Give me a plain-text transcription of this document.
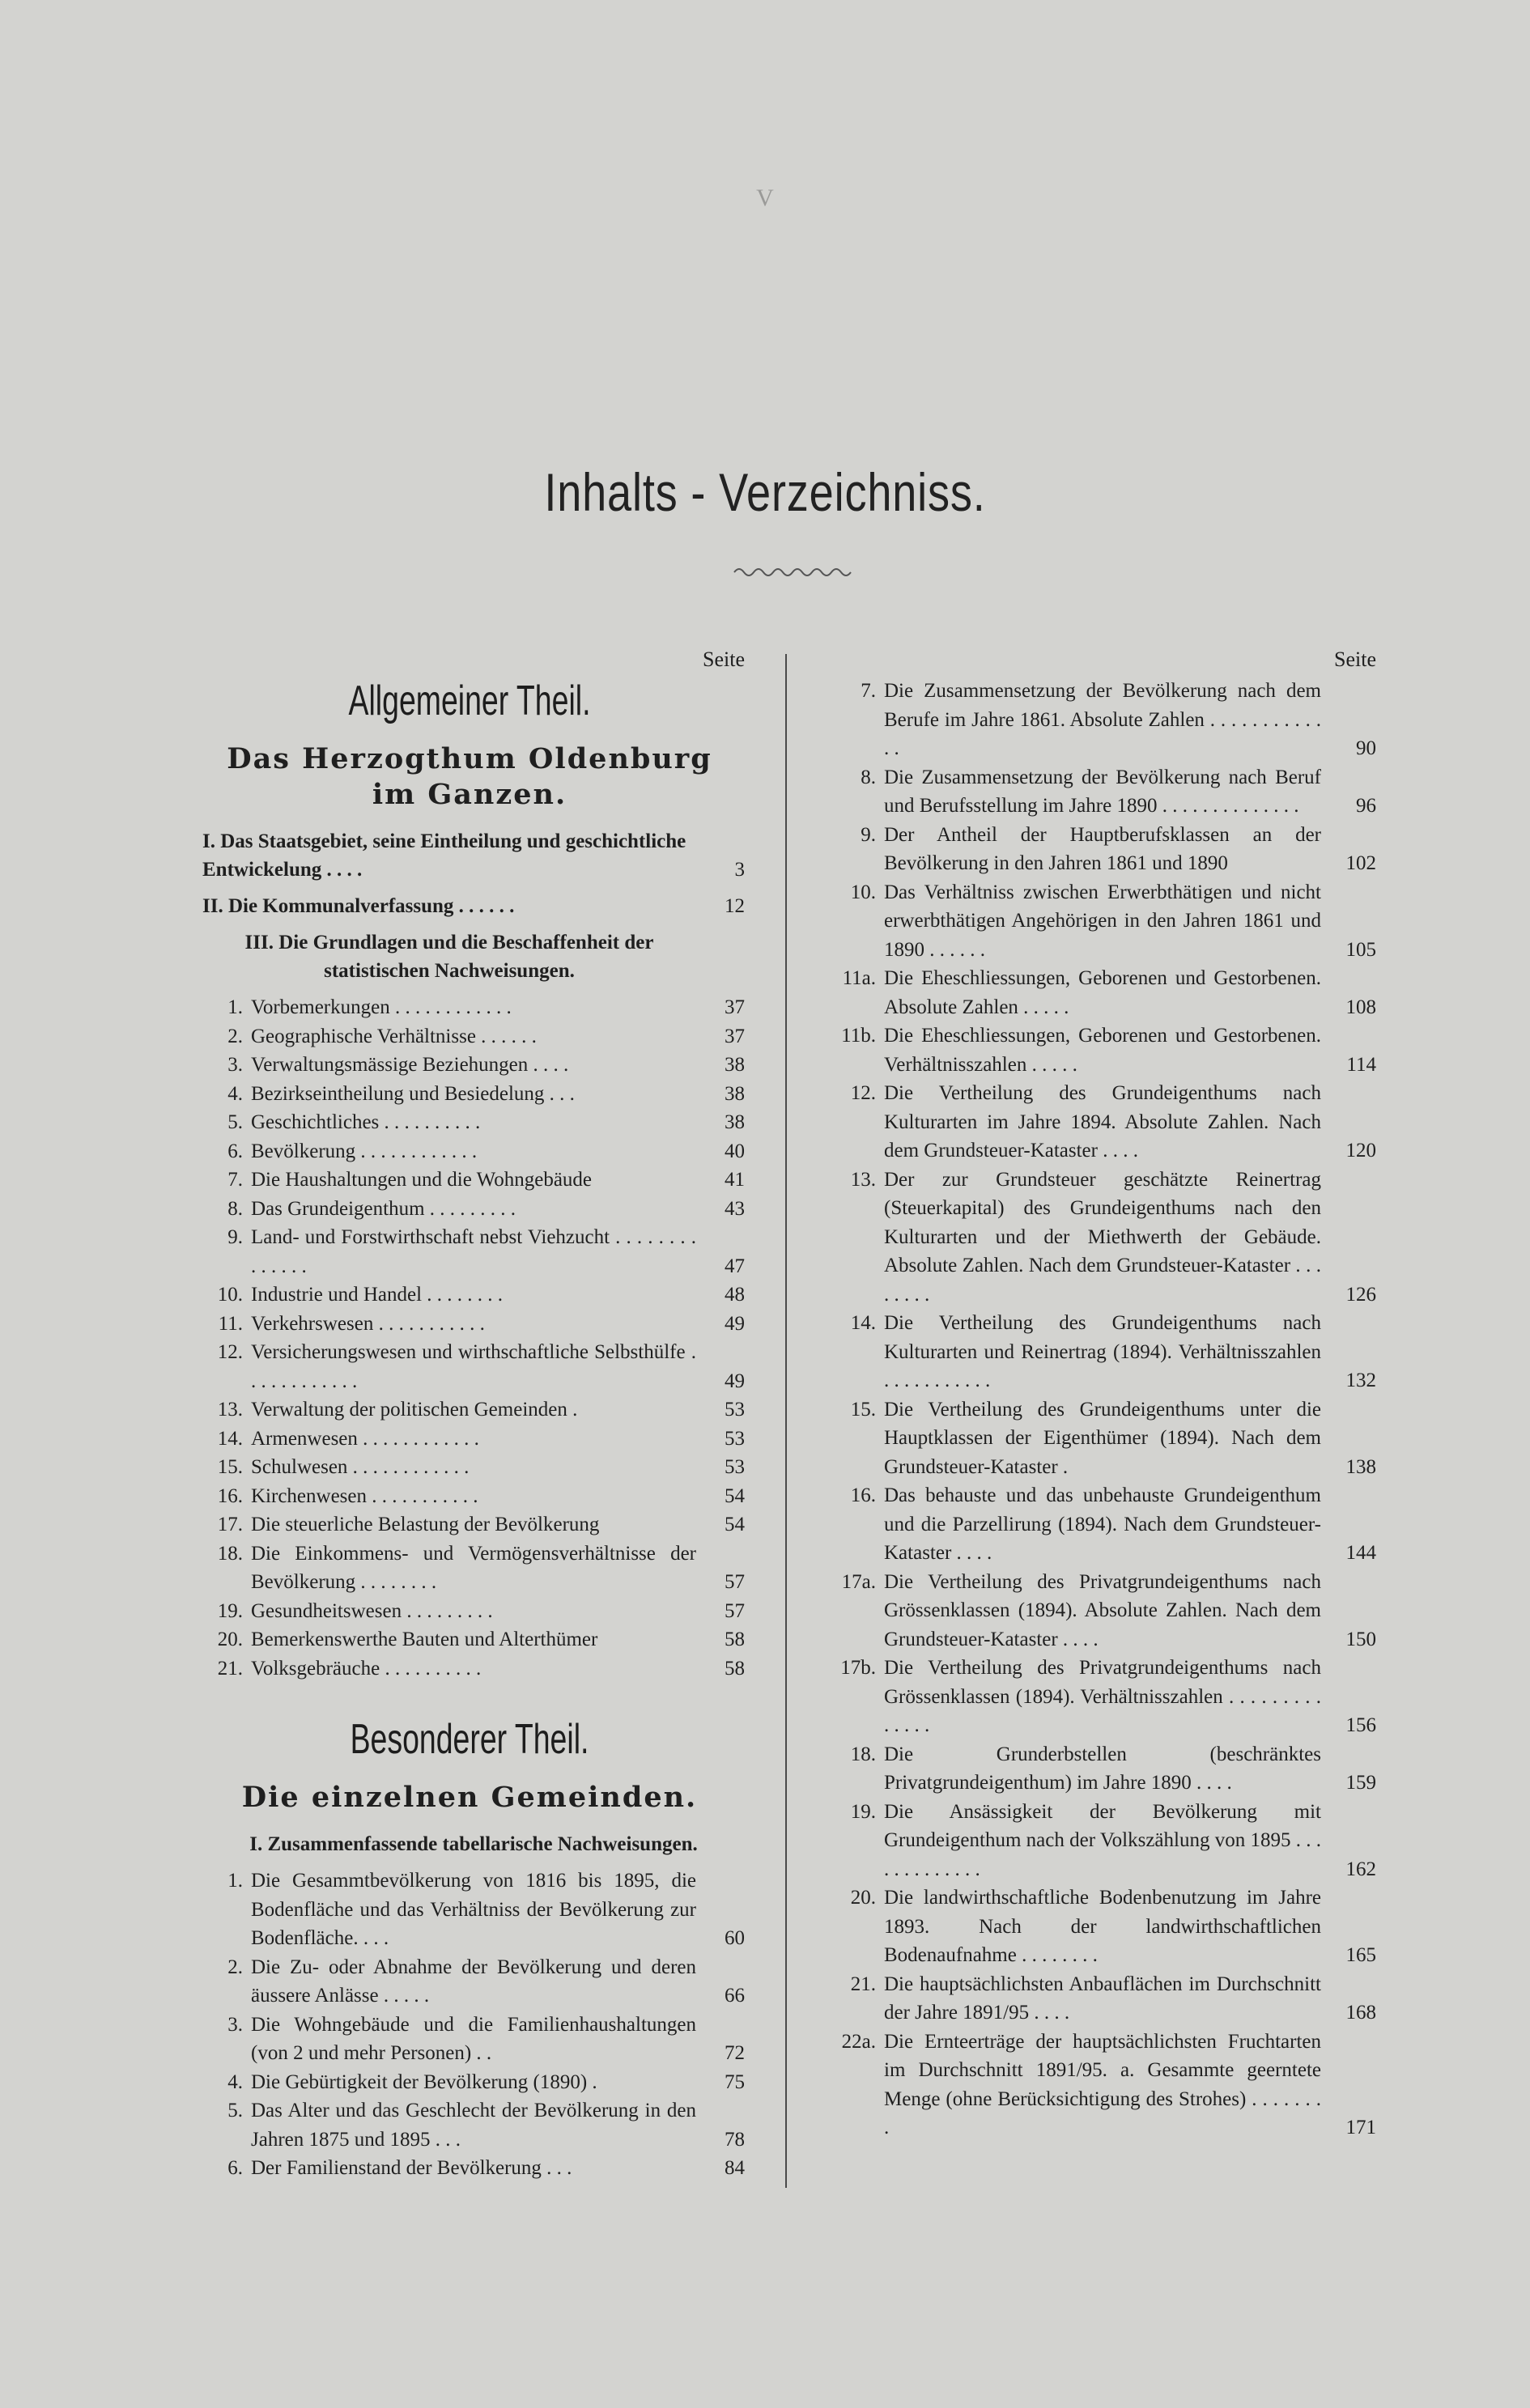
V
Inhalts - Verzeichniss.
Seite
Allgemeiner Theil.
Das Herzogthum Oldenburg
im Ganzen.
I. Das Staatsgebiet, seine Eintheilung und geschichtliche Entwickelung . . . .	3
II. Die Kommunalverfassung . . . . . .	12
III. Die Grundlagen und die Beschaffenheit der statistischen Nachweisungen.
1. Vorbemerkungen . . . . . . . . . . . .	37
2. Geographische Verhältnisse . . . . . .	37
3. Verwaltungsmässige Beziehungen . . . .	38
4. Bezirkseintheilung und Besiedelung . . .	38
5. Geschichtliches . . . . . . . . . .	38
6. Bevölkerung . . . . . . . . . . . .	40
7. Die Haushaltungen und die Wohngebäude	41
8. Das Grundeigenthum . . . . . . . . .	43
9. Land- und Forstwirthschaft nebst Viehzucht . . . . . . . . . . . . . .	47
10. Industrie und Handel . . . . . . . .	48
11. Verkehrswesen . . . . . . . . . . .	49
12. Versicherungswesen und wirthschaftliche Selbsthülfe . . . . . . . . . . . .	49
13. Verwaltung der politischen Gemeinden .	53
14. Armenwesen . . . . . . . . . . . .	53
15. Schulwesen . . . . . . . . . . . .	53
16. Kirchenwesen . . . . . . . . . . .	54
17. Die steuerliche Belastung der Bevölkerung	54
18. Die Einkommens- und Vermögensverhältnisse der Bevölkerung . . . . . . . .	57
19. Gesundheitswesen . . . . . . . . .	57
20. Bemerkenswerthe Bauten und Alterthümer	58
21. Volksgebräuche . . . . . . . . . .	58
Besonderer Theil.
Die einzelnen Gemeinden.
I. Zusammenfassende tabellarische Nachweisungen.
1. Die Gesammtbevölkerung von 1816 bis 1895, die Bodenfläche und das Verhältniss der Bevölkerung zur Bodenfläche. . . .	60
2. Die Zu- oder Abnahme der Bevölkerung und deren äussere Anlässe . . . . .	66
3. Die Wohngebäude und die Familienhaushaltungen (von 2 und mehr Personen) . .	72
4. Die Gebürtigkeit der Bevölkerung (1890) .	75
5. Das Alter und das Geschlecht der Bevölkerung in den Jahren 1875 und 1895 . . .	78
6. Der Familienstand der Bevölkerung . . .	84
Seite
7. Die Zusammensetzung der Bevölkerung nach dem Berufe im Jahre 1861. Absolute Zahlen . . . . . . . . . . . . .	90
8. Die Zusammensetzung der Bevölkerung nach Beruf und Berufsstellung im Jahre 1890 . . . . . . . . . . . . . .	96
9. Der Antheil der Hauptberufsklassen an der Bevölkerung in den Jahren 1861 und 1890	102
10. Das Verhältniss zwischen Erwerbthätigen und nicht erwerbthätigen Angehörigen in den Jahren 1861 und 1890 . . . . . .	105
11a. Die Eheschliessungen, Geborenen und Gestorbenen. Absolute Zahlen . . . . .	108
11b. Die Eheschliessungen, Geborenen und Gestorbenen. Verhältnisszahlen . . . . .	114
12. Die Vertheilung des Grundeigenthums nach Kulturarten im Jahre 1894. Absolute Zahlen. Nach dem Grundsteuer-Kataster . . . .	120
13. Der zur Grundsteuer geschätzte Reinertrag (Steuerkapital) des Grundeigenthums nach den Kulturarten und der Miethwerth der Gebäude. Absolute Zahlen. Nach dem Grundsteuer-Kataster . . . . . . . .	126
14. Die Vertheilung des Grundeigenthums nach Kulturarten und Reinertrag (1894). Verhältnisszahlen . . . . . . . . . . .	132
15. Die Vertheilung des Grundeigenthums unter die Hauptklassen der Eigenthümer (1894). Nach dem Grundsteuer-Kataster .	138
16. Das behauste und das unbehauste Grundeigenthum und die Parzellirung (1894). Nach dem Grundsteuer-Kataster . . . .	144
17a. Die Vertheilung des Privatgrundeigenthums nach Grössenklassen (1894). Absolute Zahlen. Nach dem Grundsteuer-Kataster . . . .	150
17b. Die Vertheilung des Privatgrundeigenthums nach Grössenklassen (1894). Verhältnisszahlen . . . . . . . . . . . . . .	156
18. Die Grunderbstellen (beschränktes Privatgrundeigenthum) im Jahre 1890 . . . .	159
19. Die Ansässigkeit der Bevölkerung mit Grundeigenthum nach der Volkszählung von 1895 . . . . . . . . . . . . .	162
20. Die landwirthschaftliche Bodenbenutzung im Jahre 1893. Nach der landwirthschaftlichen Bodenaufnahme . . . . . . . .	165
21. Die hauptsächlichsten Anbauflächen im Durchschnitt der Jahre 1891/95 . . . .	168
22a. Die Ernteerträge der hauptsächlichsten Fruchtarten im Durchschnitt 1891/95. a. Gesammte geerntete Menge (ohne Berücksichtigung des Strohes) . . . . . . . .	171
